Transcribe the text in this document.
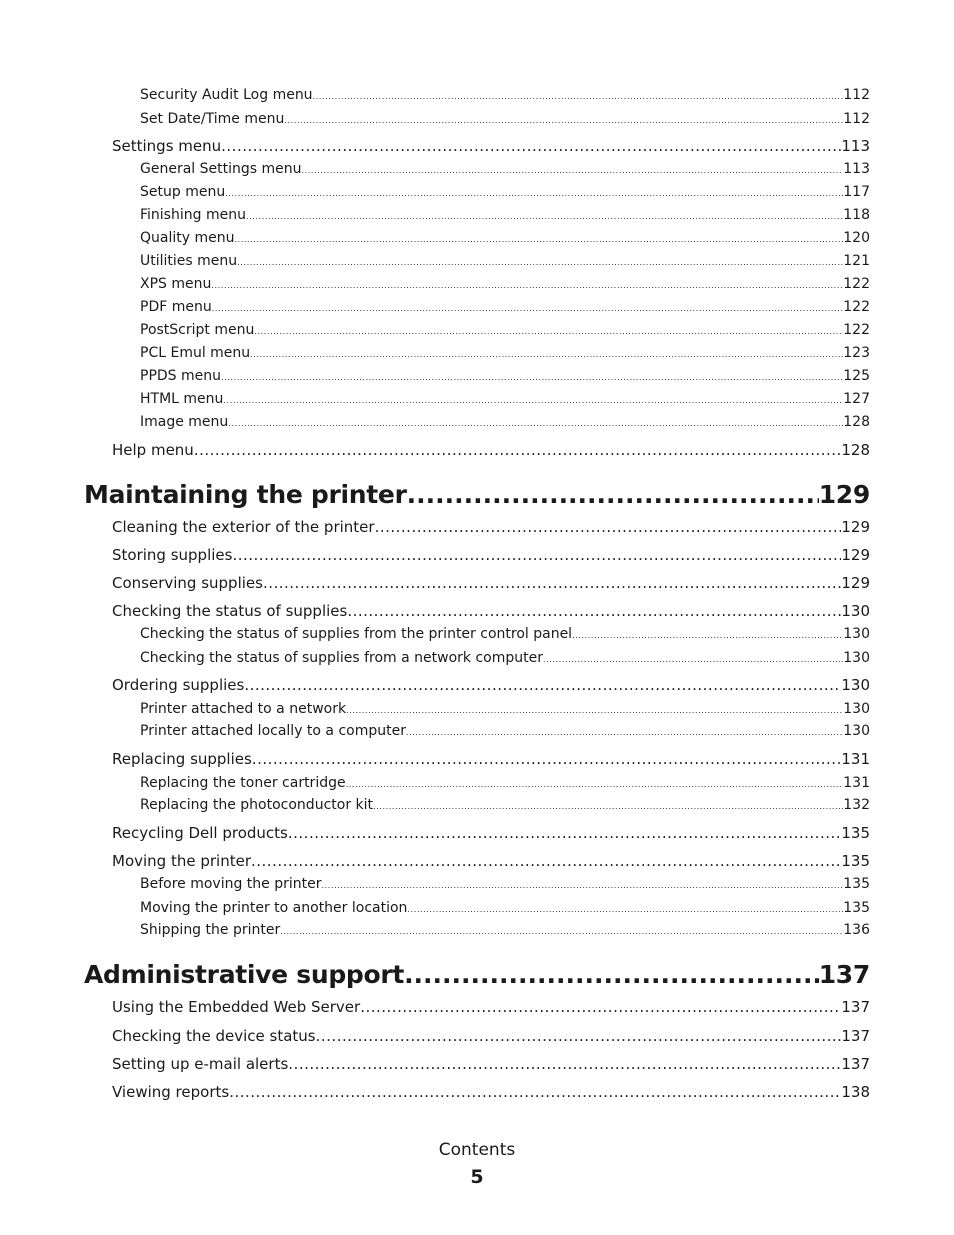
Security Audit Log menu .....	112
Set Date/Time menu .....	112
Settings menu .....	113
General Settings menu .....	113
Setup menu .....	117
Finishing menu .....	118
Quality menu .....	120
Utilities menu .....	121
XPS menu .....	122
PDF menu .....	122
PostScript menu .....	122
PCL Emul menu .....	123
PPDS menu .....	125
HTML menu .....	127
Image menu .....	128
Help menu .....	128
Maintaining the printer .....	129
Cleaning the exterior of the printer .....	129
Storing supplies .....	129
Conserving supplies .....	129
Checking the status of supplies .....	130
Checking the status of supplies from the printer control panel .....	130
Checking the status of supplies from a network computer .....	130
Ordering supplies .....	130
Printer attached to a network .....	130
Printer attached locally to a computer .....	130
Replacing supplies .....	131
Replacing the toner cartridge .....	131
Replacing the photoconductor kit .....	132
Recycling Dell products .....	135
Moving the printer .....	135
Before moving the printer .....	135
Moving the printer to another location .....	135
Shipping the printer .....	136
Administrative support .....	137
Using the Embedded Web Server .....	137
Checking the device status .....	137
Setting up e-mail alerts .....	137
Viewing reports .....	138
Contents
5
